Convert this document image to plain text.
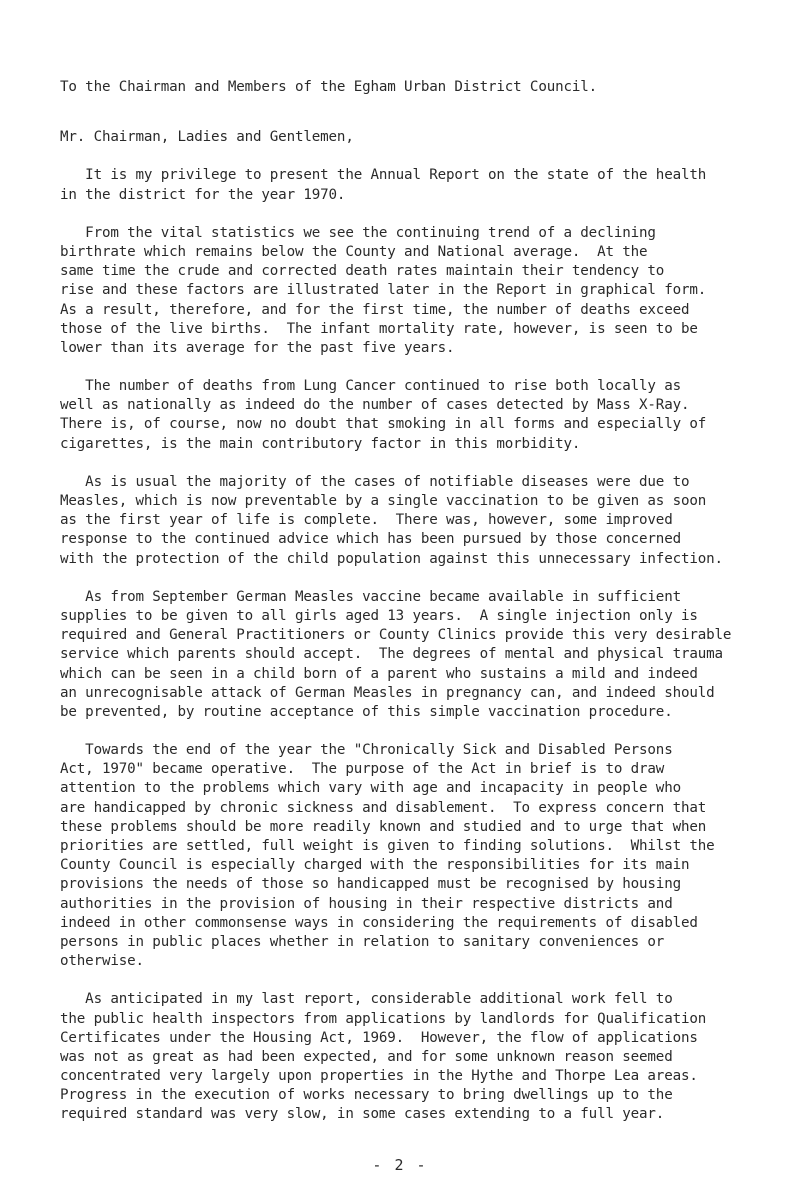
To the Chairman and Members of the Egham Urban District Council.
Mr. Chairman, Ladies and Gentlemen,
It is my privilege to present the Annual Report on the state of the health
in the district for the year 1970.
From the vital statistics we see the continuing trend of a declining
birthrate which remains below the County and National average.  At the
same time the crude and corrected death rates maintain their tendency to
rise and these factors are illustrated later in the Report in graphical form.
As a result, therefore, and for the first time, the number of deaths exceed
those of the live births.  The infant mortality rate, however, is seen to be
lower than its average for the past five years.
The number of deaths from Lung Cancer continued to rise both locally as
well as nationally as indeed do the number of cases detected by Mass X-Ray.
There is, of course, now no doubt that smoking in all forms and especially of
cigarettes, is the main contributory factor in this morbidity.
As is usual the majority of the cases of notifiable diseases were due to
Measles, which is now preventable by a single vaccination to be given as soon
as the first year of life is complete.  There was, however, some improved
response to the continued advice which has been pursued by those concerned
with the protection of the child population against this unnecessary infection.
As from September German Measles vaccine became available in sufficient
supplies to be given to all girls aged 13 years.  A single injection only is
required and General Practitioners or County Clinics provide this very desirable
service which parents should accept.  The degrees of mental and physical trauma
which can be seen in a child born of a parent who sustains a mild and indeed
an unrecognisable attack of German Measles in pregnancy can, and indeed should
be prevented, by routine acceptance of this simple vaccination procedure.
Towards the end of the year the "Chronically Sick and Disabled Persons
Act, 1970" became operative.  The purpose of the Act in brief is to draw
attention to the problems which vary with age and incapacity in people who
are handicapped by chronic sickness and disablement.  To express concern that
these problems should be more readily known and studied and to urge that when
priorities are settled, full weight is given to finding solutions.  Whilst the
County Council is especially charged with the responsibilities for its main
provisions the needs of those so handicapped must be recognised by housing
authorities in the provision of housing in their respective districts and
indeed in other commonsense ways in considering the requirements of disabled
persons in public places whether in relation to sanitary conveniences or
otherwise.
As anticipated in my last report, considerable additional work fell to
the public health inspectors from applications by landlords for Qualification
Certificates under the Housing Act, 1969.  However, the flow of applications
was not as great as had been expected, and for some unknown reason seemed
concentrated very largely upon properties in the Hythe and Thorpe Lea areas.
Progress in the execution of works necessary to bring dwellings up to the
required standard was very slow, in some cases extending to a full year.
- 2 -
